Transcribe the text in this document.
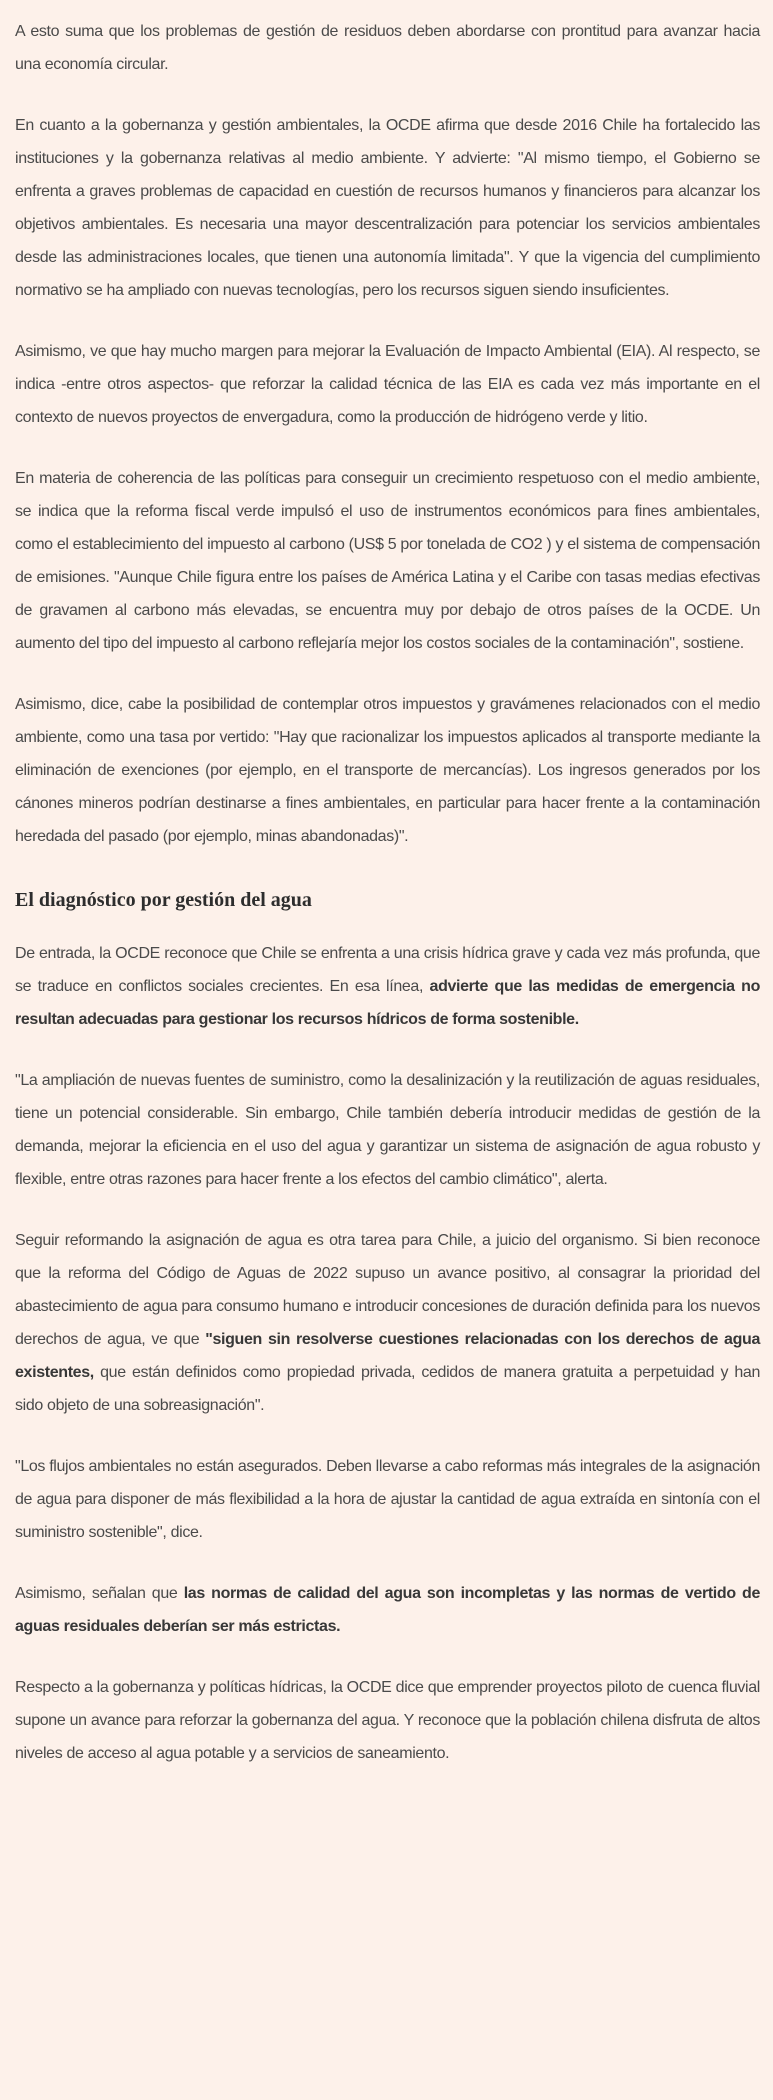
A esto suma que los problemas de gestión de residuos deben abordarse con prontitud para avanzar hacia una economía circular.

En cuanto a la gobernanza y gestión ambientales, la OCDE afirma que desde 2016 Chile ha fortalecido las instituciones y la gobernanza relativas al medio ambiente. Y advierte: "Al mismo tiempo, el Gobierno se enfrenta a graves problemas de capacidad en cuestión de recursos humanos y financieros para alcanzar los objetivos ambientales. Es necesaria una mayor descentralización para potenciar los servicios ambientales desde las administraciones locales, que tienen una autonomía limitada". Y que la vigencia del cumplimiento normativo se ha ampliado con nuevas tecnologías, pero los recursos siguen siendo insuficientes.

Asimismo, ve que hay mucho margen para mejorar la Evaluación de Impacto Ambiental (EIA). Al respecto, se indica -entre otros aspectos- que reforzar la calidad técnica de las EIA es cada vez más importante en el contexto de nuevos proyectos de envergadura, como la producción de hidrógeno verde y litio.

En materia de coherencia de las políticas para conseguir un crecimiento respetuoso con el medio ambiente, se indica que la reforma fiscal verde impulsó el uso de instrumentos económicos para fines ambientales, como el establecimiento del impuesto al carbono (US$ 5 por tonelada de CO2 ) y el sistema de compensación de emisiones. "Aunque Chile figura entre los países de América Latina y el Caribe con tasas medias efectivas de gravamen al carbono más elevadas, se encuentra muy por debajo de otros países de la OCDE. Un aumento del tipo del impuesto al carbono reflejaría mejor los costos sociales de la contaminación", sostiene.

Asimismo, dice, cabe la posibilidad de contemplar otros impuestos y gravámenes relacionados con el medio ambiente, como una tasa por vertido: "Hay que racionalizar los impuestos aplicados al transporte mediante la eliminación de exenciones (por ejemplo, en el transporte de mercancías). Los ingresos generados por los cánones mineros podrían destinarse a fines ambientales, en particular para hacer frente a la contaminación heredada del pasado (por ejemplo, minas abandonadas)".

El diagnóstico por gestión del agua

De entrada, la OCDE reconoce que Chile se enfrenta a una crisis hídrica grave y cada vez más profunda, que se traduce en conflictos sociales crecientes. En esa línea, advierte que las medidas de emergencia no resultan adecuadas para gestionar los recursos hídricos de forma sostenible.

"La ampliación de nuevas fuentes de suministro, como la desalinización y la reutilización de aguas residuales, tiene un potencial considerable. Sin embargo, Chile también debería introducir medidas de gestión de la demanda, mejorar la eficiencia en el uso del agua y garantizar un sistema de asignación de agua robusto y flexible, entre otras razones para hacer frente a los efectos del cambio climático", alerta.

Seguir reformando la asignación de agua es otra tarea para Chile, a juicio del organismo. Si bien reconoce que la reforma del Código de Aguas de 2022 supuso un avance positivo, al consagrar la prioridad del abastecimiento de agua para consumo humano e introducir concesiones de duración definida para los nuevos derechos de agua, ve que "siguen sin resolverse cuestiones relacionadas con los derechos de agua existentes, que están definidos como propiedad privada, cedidos de manera gratuita a perpetuidad y han sido objeto de una sobreasignación".

"Los flujos ambientales no están asegurados. Deben llevarse a cabo reformas más integrales de la asignación de agua para disponer de más flexibilidad a la hora de ajustar la cantidad de agua extraída en sintonía con el suministro sostenible", dice.

Asimismo, señalan que las normas de calidad del agua son incompletas y las normas de vertido de aguas residuales deberían ser más estrictas.

Respecto a la gobernanza y políticas hídricas, la OCDE dice que emprender proyectos piloto de cuenca fluvial supone un avance para reforzar la gobernanza del agua. Y reconoce que la población chilena disfruta de altos niveles de acceso al agua potable y a servicios de saneamiento.
